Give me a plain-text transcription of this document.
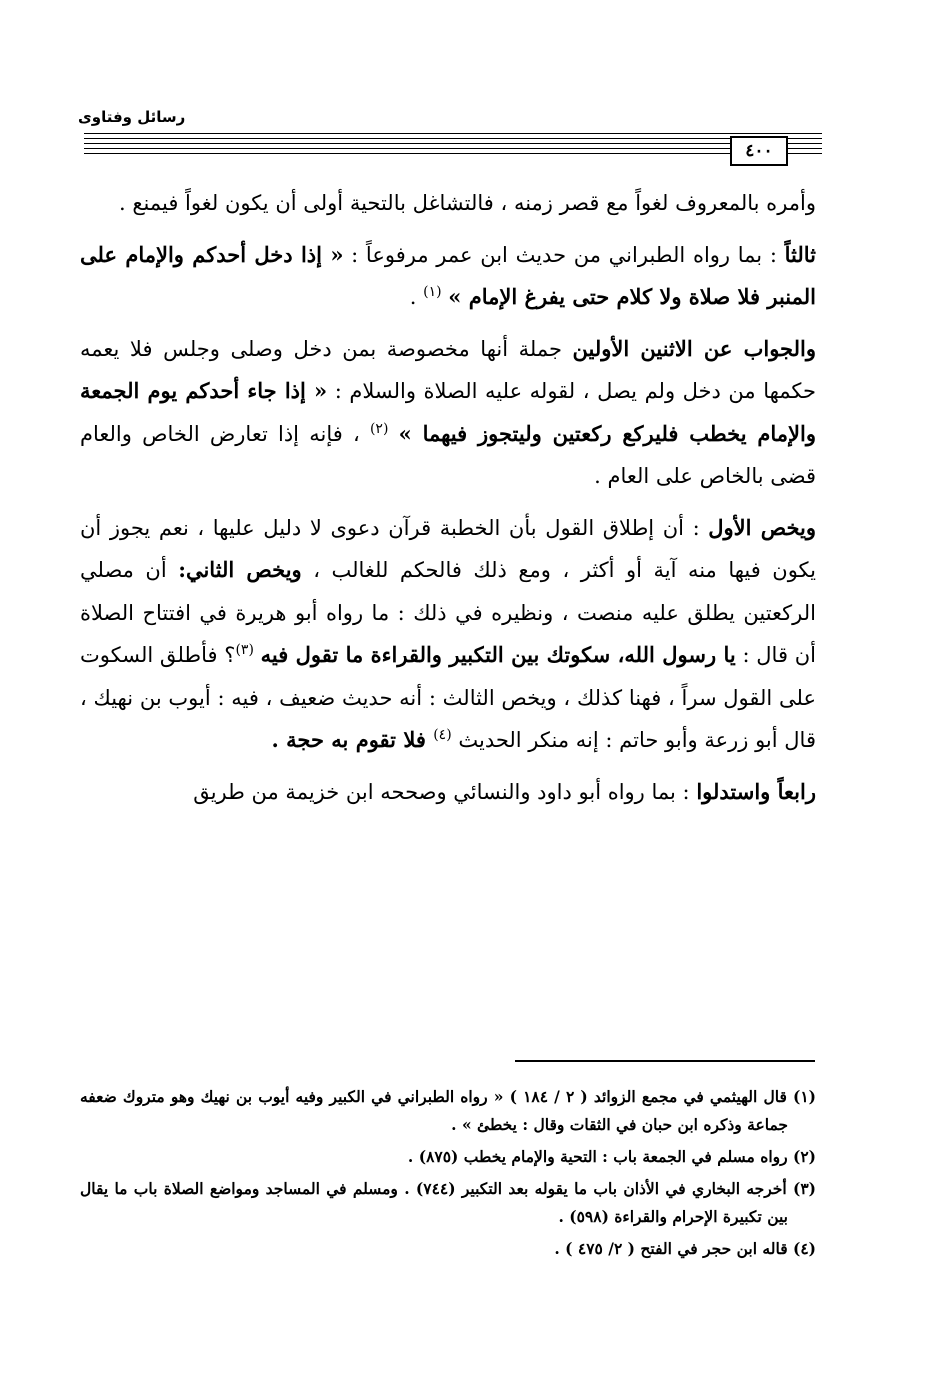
رسائل وفتاوى
٤٠٠

وأمره بالمعروف لغواً مع قصر زمنه ، فالتشاغل بالتحية أولى أن يكون لغواً فيمنع .

ثالثاً : بما رواه الطبراني من حديث ابن عمر مرفوعاً : « إذا دخل أحدكم والإمام على المنبر فلا صلاة ولا كلام حتى يفرغ الإمام » $^{(١)}$ .

والجواب عن الاثنين الأولين جملة أنها مخصوصة بمن دخل وصلى وجلس فلا يعمه حكمها من دخل ولم يصل ، لقوله عليه الصلاة والسلام : « إذا جاء أحدكم يوم الجمعة والإمام يخطب فليركع ركعتين وليتجوز فيهما » $^{(٢)}$ ، فإنه إذا تعارض الخاص والعام قضى بالخاص على العام .

ويخص الأول : أن إطلاق القول بأن الخطبة قرآن دعوى لا دليل عليها ، نعم يجوز أن يكون فيها منه آية أو أكثر ، ومع ذلك فالحكم للغالب ، ويخص الثاني: أن مصلي الركعتين يطلق عليه منصت ، ونظيره في ذلك : ما رواه أبو هريرة في افتتاح الصلاة أن قال : يا رسول الله، سكوتك بين التكبير والقراءة ما تقول فيه $^{(٣)}$؟ فأطلق السكوت على القول سراً ، فهنا كذلك ، ويخص الثالث : أنه حديث ضعيف ، فيه : أيوب بن نهيك ، قال أبو زرعة وأبو حاتم : إنه منكر الحديث $^{(٤)}$ فلا تقوم به حجة .

رابعاً واستدلوا : بما رواه أبو داود والنسائي وصححه ابن خزيمة من طريق

(١) قال الهيثمي في مجمع الزوائد ( ٢ / ١٨٤ ) « رواه الطبراني في الكبير وفيه أيوب بن نهيك وهو متروك ضعفه جماعة وذكره ابن حبان في الثقات وقال : يخطئ » .

(٢) رواه مسلم في الجمعة باب : التحية والإمام يخطب (٨٧٥) .

(٣) أخرجه البخاري في الأذان باب ما يقوله بعد التكبير (٧٤٤) . ومسلم في المساجد ومواضع الصلاة باب ما يقال بين تكبيرة الإحرام والقراءة (٥٩٨) .

(٤) قاله ابن حجر في الفتح ( ٢/ ٤٧٥ ) .
